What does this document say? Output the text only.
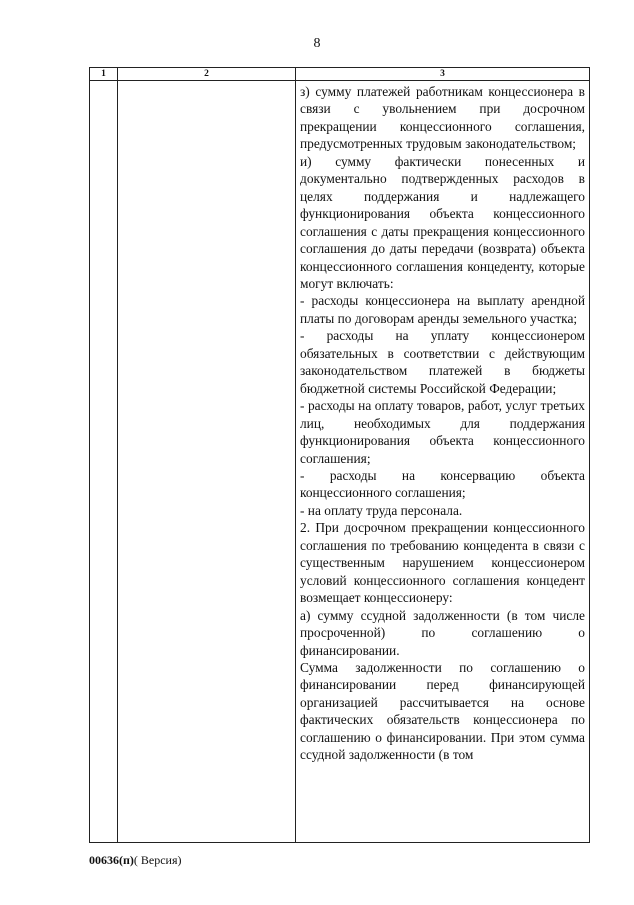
8
1	2	3

з) сумму платежей работникам концессионера в связи с увольнением при досрочном прекращении концессионного соглашения, предусмотренных трудовым законодательством;

и) сумму фактически понесенных и документально подтвержденных расходов в целях поддержания и надлежащего функционирования объекта концессионного соглашения с даты прекращения концессионного соглашения до даты передачи (возврата) объекта концессионного соглашения концеденту, которые могут включать:

- расходы концессионера на выплату арендной платы по договорам аренды земельного участка;

- расходы на уплату концессионером обязательных в соответствии с действующим законодательством платежей в бюджеты бюджетной системы Российской Федерации;

- расходы на оплату товаров, работ, услуг третьих лиц, необходимых для поддержания функционирования объекта концессионного соглашения;

- расходы на консервацию объекта концессионного соглашения;

- на оплату труда персонала.

2. При досрочном прекращении концессионного соглашения по требованию концедента в связи с существенным нарушением концессионером условий концессионного соглашения концедент возмещает концессионеру:

а) сумму ссудной задолженности (в том числе просроченной) по соглашению о финансировании.

Сумма задолженности по соглашению о финансировании перед финансирующей организацией рассчитывается на основе фактических обязательств концессионера по соглашению о финансировании. При этом сумма ссудной задолженности (в том

00636(п)( Версия)
